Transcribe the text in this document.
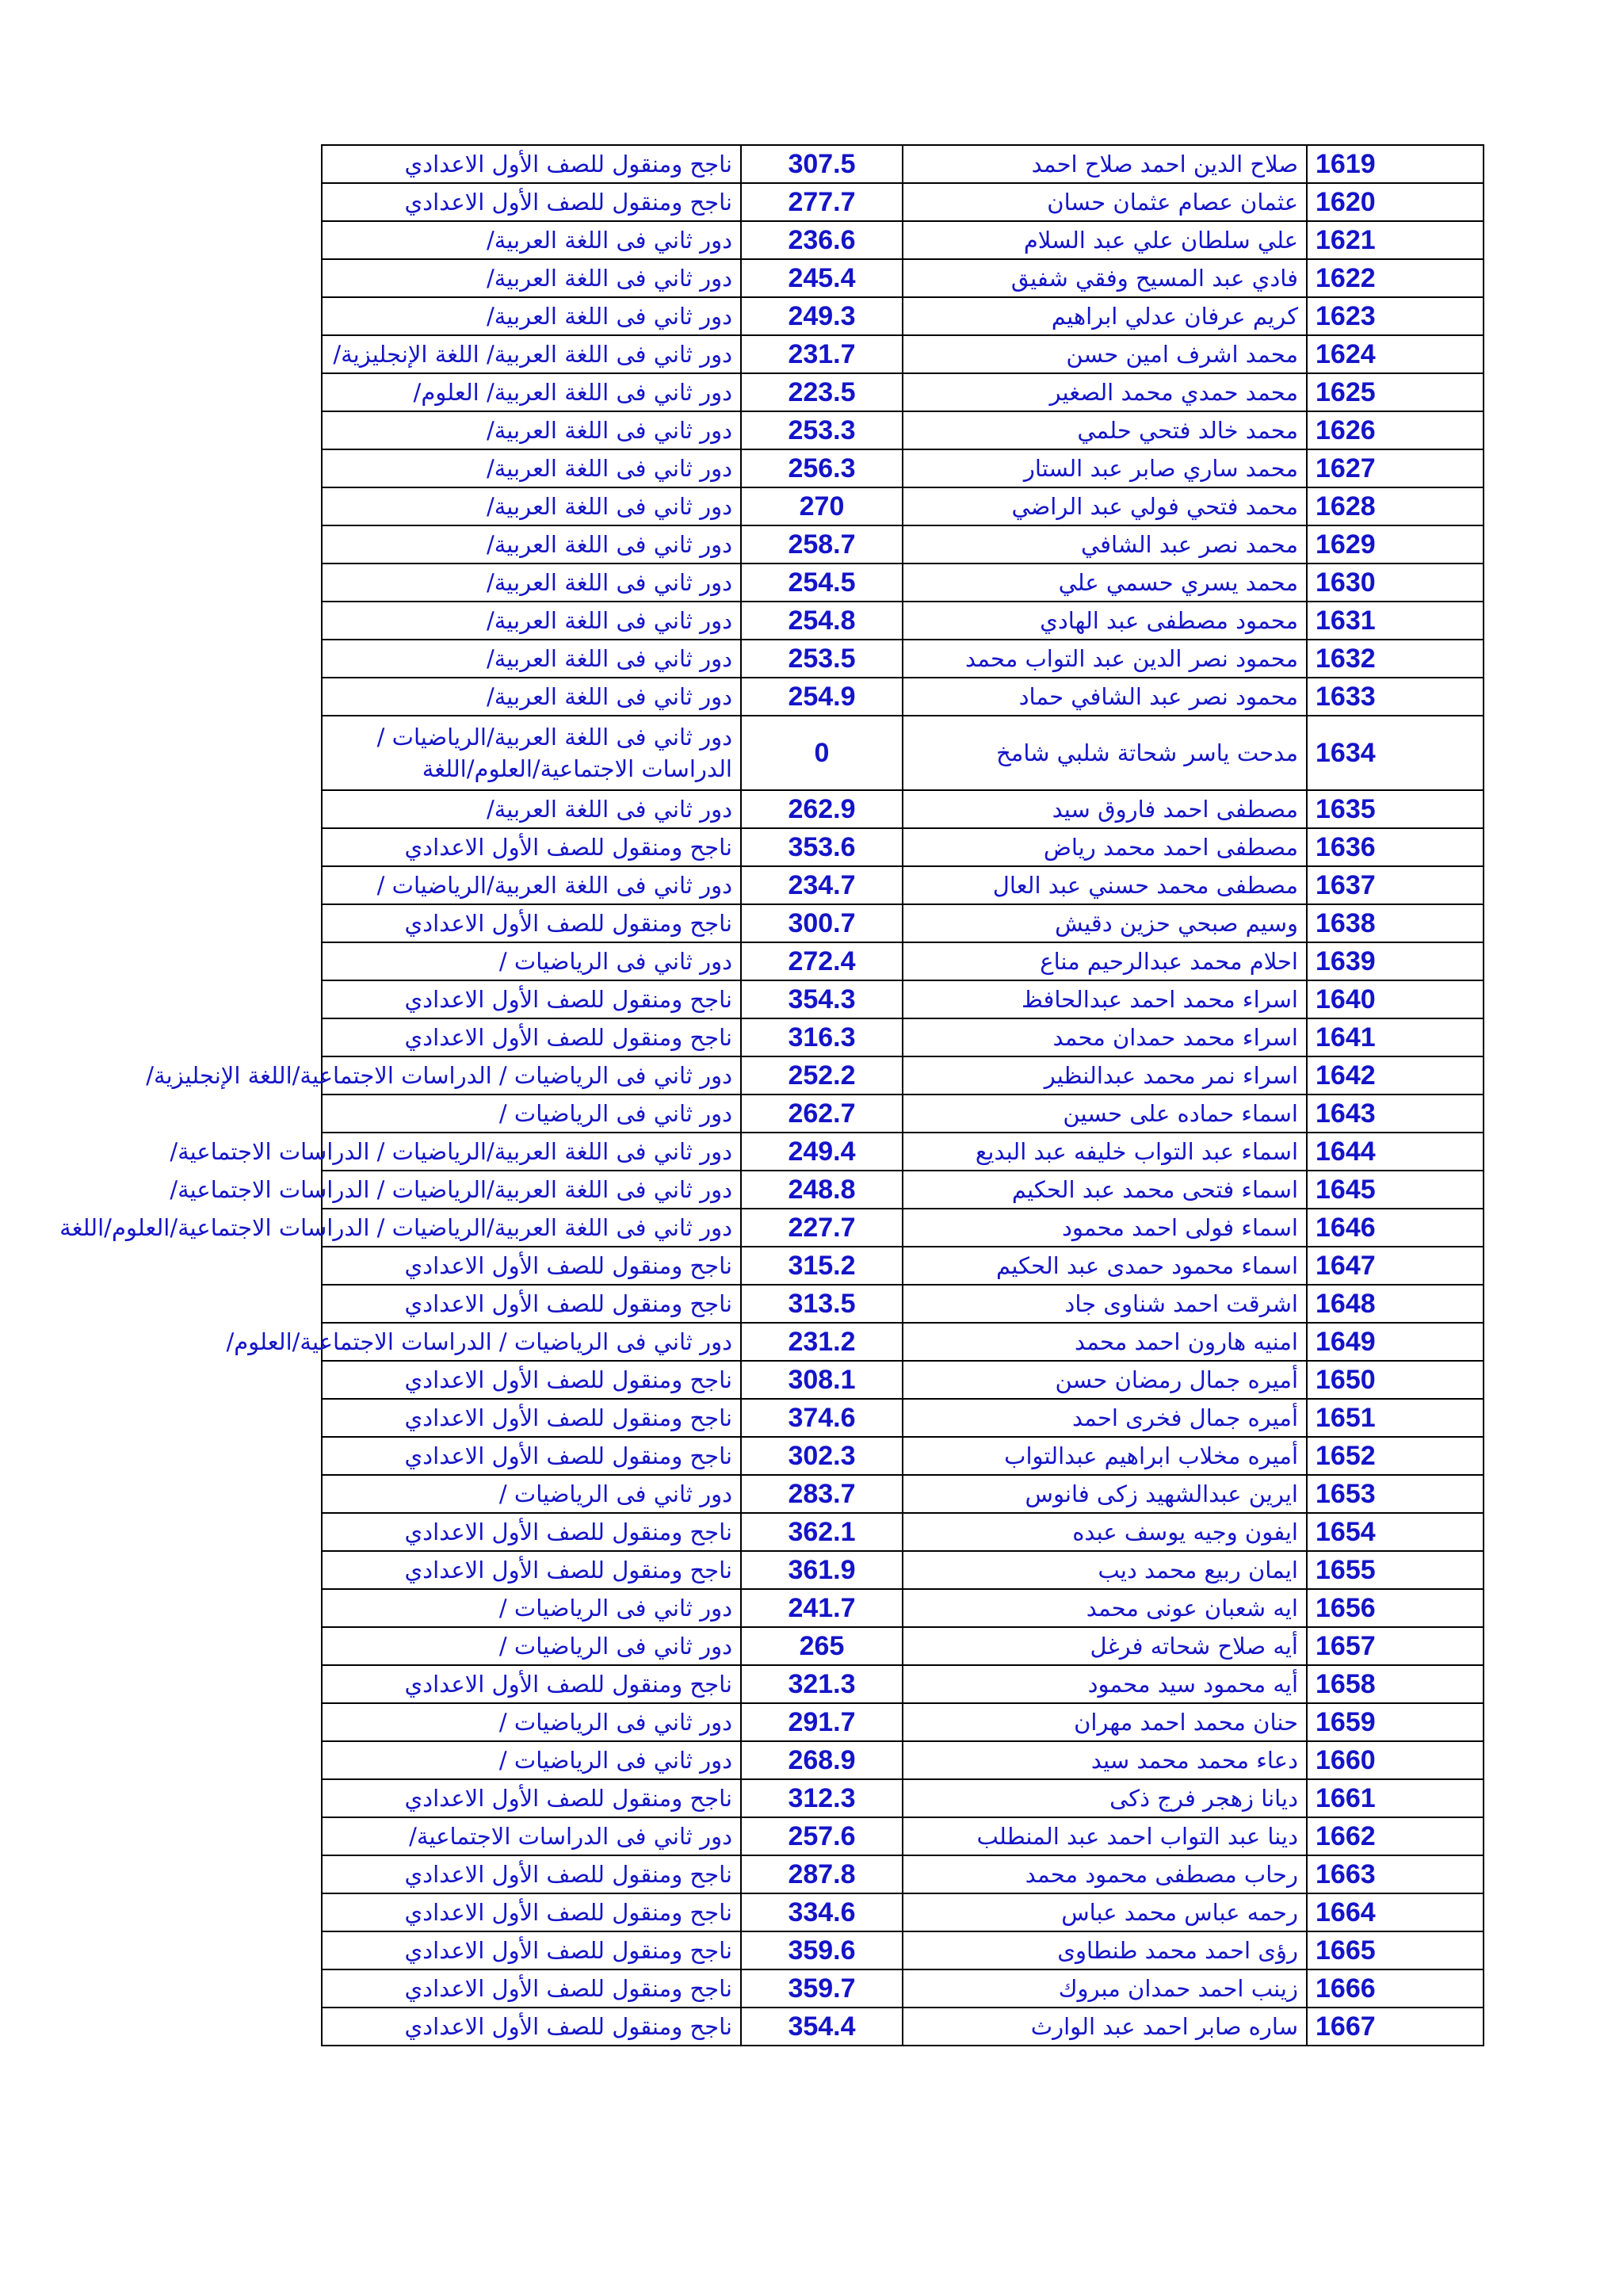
1619	صلاح الدين احمد صلاح احمد	307.5	ناجح ومنقول للصف الأول الاعدادي
1620	عثمان عصام عثمان حسان	277.7	ناجح ومنقول للصف الأول الاعدادي
1621	علي سلطان علي عبد السلام	236.6	دور ثاني فى اللغة العربية/
1622	فادي عبد المسيح وفقي شفيق	245.4	دور ثاني فى اللغة العربية/
1623	كريم عرفان عدلي ابراهيم	249.3	دور ثاني فى اللغة العربية/
1624	محمد اشرف امين حسن	231.7	دور ثاني فى اللغة العربية/ اللغة الإنجليزية/
1625	محمد حمدي محمد الصغير	223.5	دور ثاني فى اللغة العربية/ العلوم/
1626	محمد خالد فتحي حلمي	253.3	دور ثاني فى اللغة العربية/
1627	محمد ساري صابر عبد الستار	256.3	دور ثاني فى اللغة العربية/
1628	محمد فتحي فولي عبد الراضي	270	دور ثاني فى اللغة العربية/
1629	محمد نصر عبد الشافي	258.7	دور ثاني فى اللغة العربية/
1630	محمد يسري حسمي علي	254.5	دور ثاني فى اللغة العربية/
1631	محمود مصطفى عبد الهادي	254.8	دور ثاني فى اللغة العربية/
1632	محمود نصر الدين عبد التواب محمد	253.5	دور ثاني فى اللغة العربية/
1633	محمود نصر عبد الشافي حماد	254.9	دور ثاني فى اللغة العربية/
1634	مدحت ياسر شحاتة شلبي شامخ	0	دور ثاني فى اللغة العربية/الرياضيات / الدراسات الاجتماعية/العلوم/اللغة
1635	مصطفى احمد فاروق سيد	262.9	دور ثاني فى اللغة العربية/
1636	مصطفى احمد محمد رياض	353.6	ناجح ومنقول للصف الأول الاعدادي
1637	مصطفى محمد حسني عبد العال	234.7	دور ثاني فى اللغة العربية/الرياضيات /
1638	وسيم صبحي حزين دقيش	300.7	ناجح ومنقول للصف الأول الاعدادي
1639	احلام محمد عبدالرحيم مناع	272.4	دور ثاني فى الرياضيات /
1640	اسراء محمد احمد عبدالحافظ	354.3	ناجح ومنقول للصف الأول الاعدادي
1641	اسراء محمد حمدان محمد	316.3	ناجح ومنقول للصف الأول الاعدادي
1642	اسراء نمر محمد عبدالنظير	252.2	دور ثاني فى الرياضيات / الدراسات الاجتماعية/اللغة الإنجليزية/
1643	اسماء حماده على حسين	262.7	دور ثاني فى الرياضيات /
1644	اسماء عبد التواب خليفه عبد البديع	249.4	دور ثاني فى اللغة العربية/الرياضيات / الدراسات الاجتماعية/
1645	اسماء فتحى محمد عبد الحكيم	248.8	دور ثاني فى اللغة العربية/الرياضيات / الدراسات الاجتماعية/
1646	اسماء فولى احمد محمود	227.7	دور ثاني فى اللغة العربية/الرياضيات / الدراسات الاجتماعية/العلوم/اللغة
1647	اسماء محمود حمدى عبد الحكيم	315.2	ناجح ومنقول للصف الأول الاعدادي
1648	اشرقت احمد شناوى جاد	313.5	ناجح ومنقول للصف الأول الاعدادي
1649	امنيه هارون احمد محمد	231.2	دور ثاني فى الرياضيات / الدراسات الاجتماعية/العلوم/
1650	أميره جمال رمضان حسن	308.1	ناجح ومنقول للصف الأول الاعدادي
1651	أميره جمال فخرى احمد	374.6	ناجح ومنقول للصف الأول الاعدادي
1652	أميره مخلاب ابراهيم عبدالتواب	302.3	ناجح ومنقول للصف الأول الاعدادي
1653	ايرين عبدالشهيد زكى فانوس	283.7	دور ثاني فى الرياضيات /
1654	ايفون وجيه يوسف عبده	362.1	ناجح ومنقول للصف الأول الاعدادي
1655	ايمان ربيع محمد ديب	361.9	ناجح ومنقول للصف الأول الاعدادي
1656	ايه شعبان عونى محمد	241.7	دور ثاني فى الرياضيات /
1657	أيه صلاح شحاته فرغل	265	دور ثاني فى الرياضيات /
1658	أيه محمود سيد محمود	321.3	ناجح ومنقول للصف الأول الاعدادي
1659	حنان محمد احمد مهران	291.7	دور ثاني فى الرياضيات /
1660	دعاء محمد محمد سيد	268.9	دور ثاني فى الرياضيات /
1661	ديانا زهجر فرج ذكى	312.3	ناجح ومنقول للصف الأول الاعدادي
1662	دينا عبد التواب احمد عبد المنطلب	257.6	دور ثاني فى الدراسات الاجتماعية/
1663	رحاب مصطفى محمود محمد	287.8	ناجح ومنقول للصف الأول الاعدادي
1664	رحمه عباس محمد عباس	334.6	ناجح ومنقول للصف الأول الاعدادي
1665	رؤى احمد محمد طنطاوى	359.6	ناجح ومنقول للصف الأول الاعدادي
1666	زينب احمد حمدان مبروك	359.7	ناجح ومنقول للصف الأول الاعدادي
1667	ساره صابر احمد عبد الوارث	354.4	ناجح ومنقول للصف الأول الاعدادي
